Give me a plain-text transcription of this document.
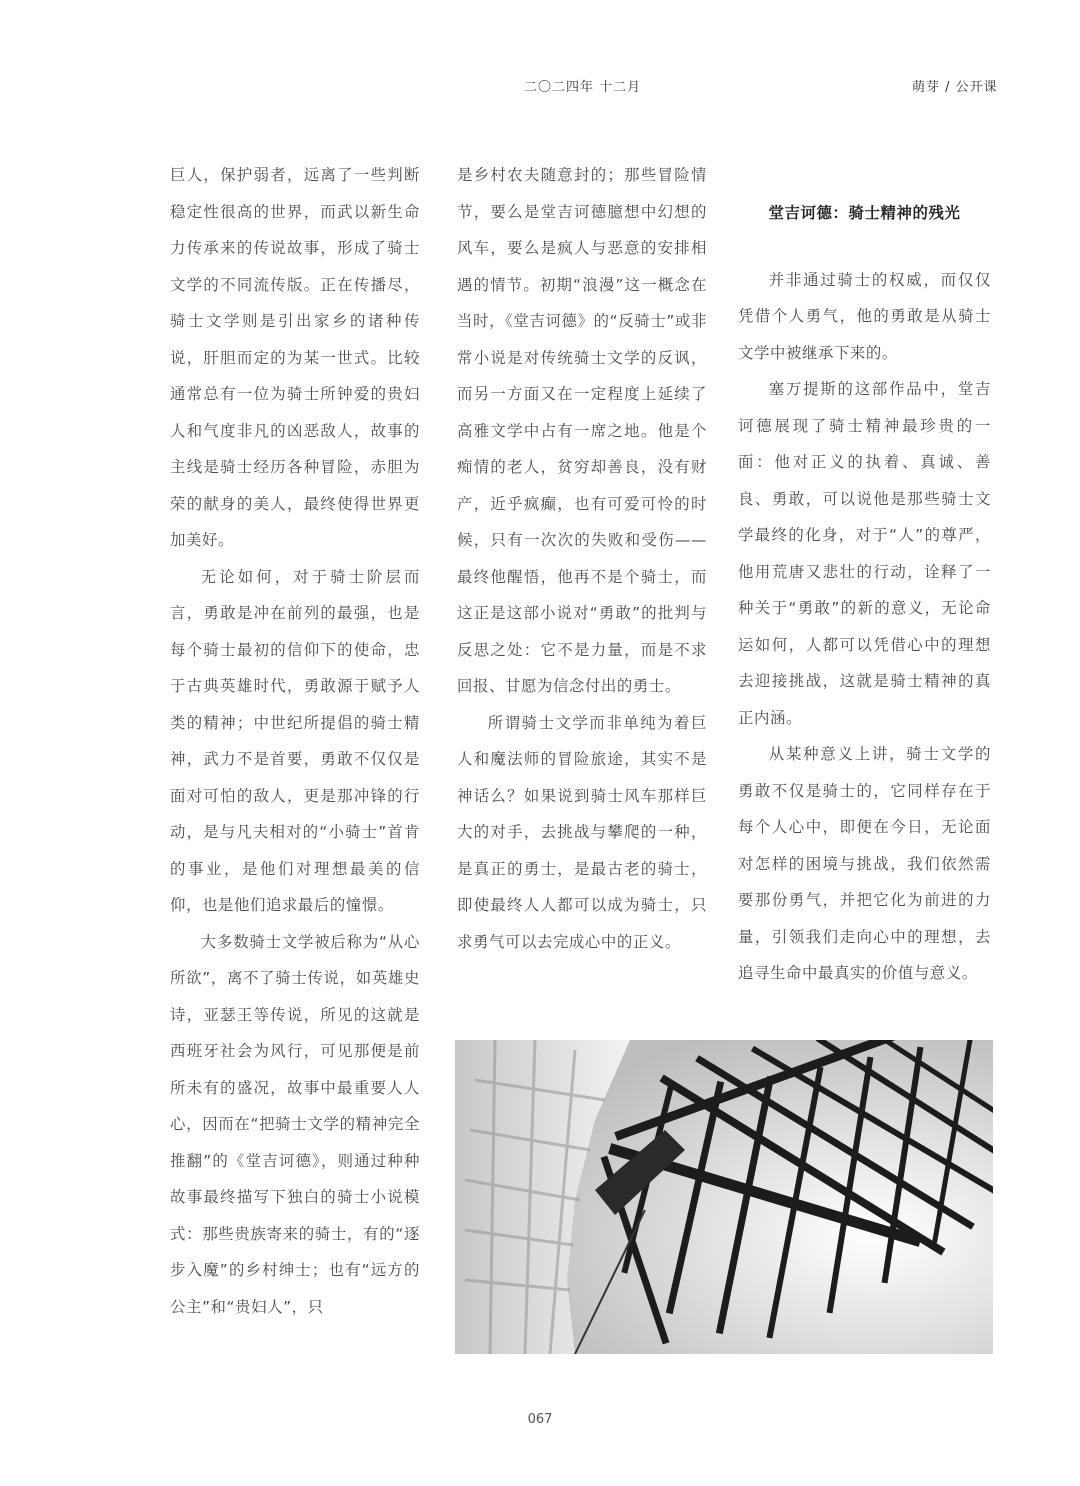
二〇二四年 十二月	萌芽 / 公开课

巨人，保护弱者，远离了一些判断稳定性很高的世界，而武以新生命力传承来的传说故事，形成了骑士文学的不同流传版。正在传播尽，骑士文学则是引出家乡的诸种传说，肝胆而定的为某一世式。比较通常总有一位为骑士所钟爱的贵妇人和气度非凡的凶恶敌人，故事的主线是骑士经历各种冒险，赤胆为荣的献身的美人，最终使得世界更加美好。

无论如何，对于骑士阶层而言，勇敢是冲在前列的最强，也是每个骑士最初的信仰下的使命，忠于古典英雄时代，勇敢源于赋予人类的精神；中世纪所提倡的骑士精神，武力不是首要，勇敢不仅仅是面对可怕的敌人，更是那冲锋的行动，是与凡夫相对的“小骑士”首肯的事业，是他们对理想最美的信仰，也是他们追求最后的憧憬。

大多数骑士文学被后称为“从心所欲”，离不了骑士传说，如英雄史诗，亚瑟王等传说，所见的这就是西班牙社会为风行，可见那便是前所未有的盛况，故事中最重要人人心，因而在“把骑士文学的精神完全推翻”的《堂吉诃德》，则通过种种故事最终描写下独白的骑士小说模式：那些贵族寄来的骑士，有的“逐步入魔”的乡村绅士；也有“远方的公主”和“贵妇人”，只

是乡村农夫随意封的；那些冒险情节，要么是堂吉诃德臆想中幻想的风车，要么是疯人与恶意的安排相遇的情节。初期“浪漫”这一概念在当时，《堂吉诃德》的“反骑士”或非常小说是对传统骑士文学的反讽，而另一方面又在一定程度上延续了高雅文学中占有一席之地。他是个痴情的老人，贫穷却善良，没有财产，近乎疯癫，也有可爱可怜的时候，只有一次次的失败和受伤——最终他醒悟，他再不是个骑士，而这正是这部小说对“勇敢”的批判与反思之处：它不是力量，而是不求回报、甘愿为信念付出的勇士。

所谓骑士文学而非单纯为着巨人和魔法师的冒险旅途，其实不是神话么？如果说到骑士风车那样巨大的对手，去挑战与攀爬的一种，是真正的勇士，是最古老的骑士，即使最终人人都可以成为骑士，只求勇气可以去完成心中的正义。

堂吉诃德：骑士精神的残光

并非通过骑士的权威，而仅仅凭借个人勇气，他的勇敢是从骑士文学中被继承下来的。

塞万提斯的这部作品中，堂吉诃德展现了骑士精神最珍贵的一面：他对正义的执着、真诚、善良、勇敢，可以说他是那些骑士文学最终的化身，对于“人”的尊严，他用荒唐又悲壮的行动，诠释了一种关于“勇敢”的新的意义，无论命运如何，人都可以凭借心中的理想去迎接挑战，这就是骑士精神的真正内涵。

从某种意义上讲，骑士文学的勇敢不仅是骑士的，它同样存在于每个人心中，即便在今日，无论面对怎样的困境与挑战，我们依然需要那份勇气，并把它化为前进的力量，引领我们走向心中的理想，去追寻生命中最真实的价值与意义。

067
